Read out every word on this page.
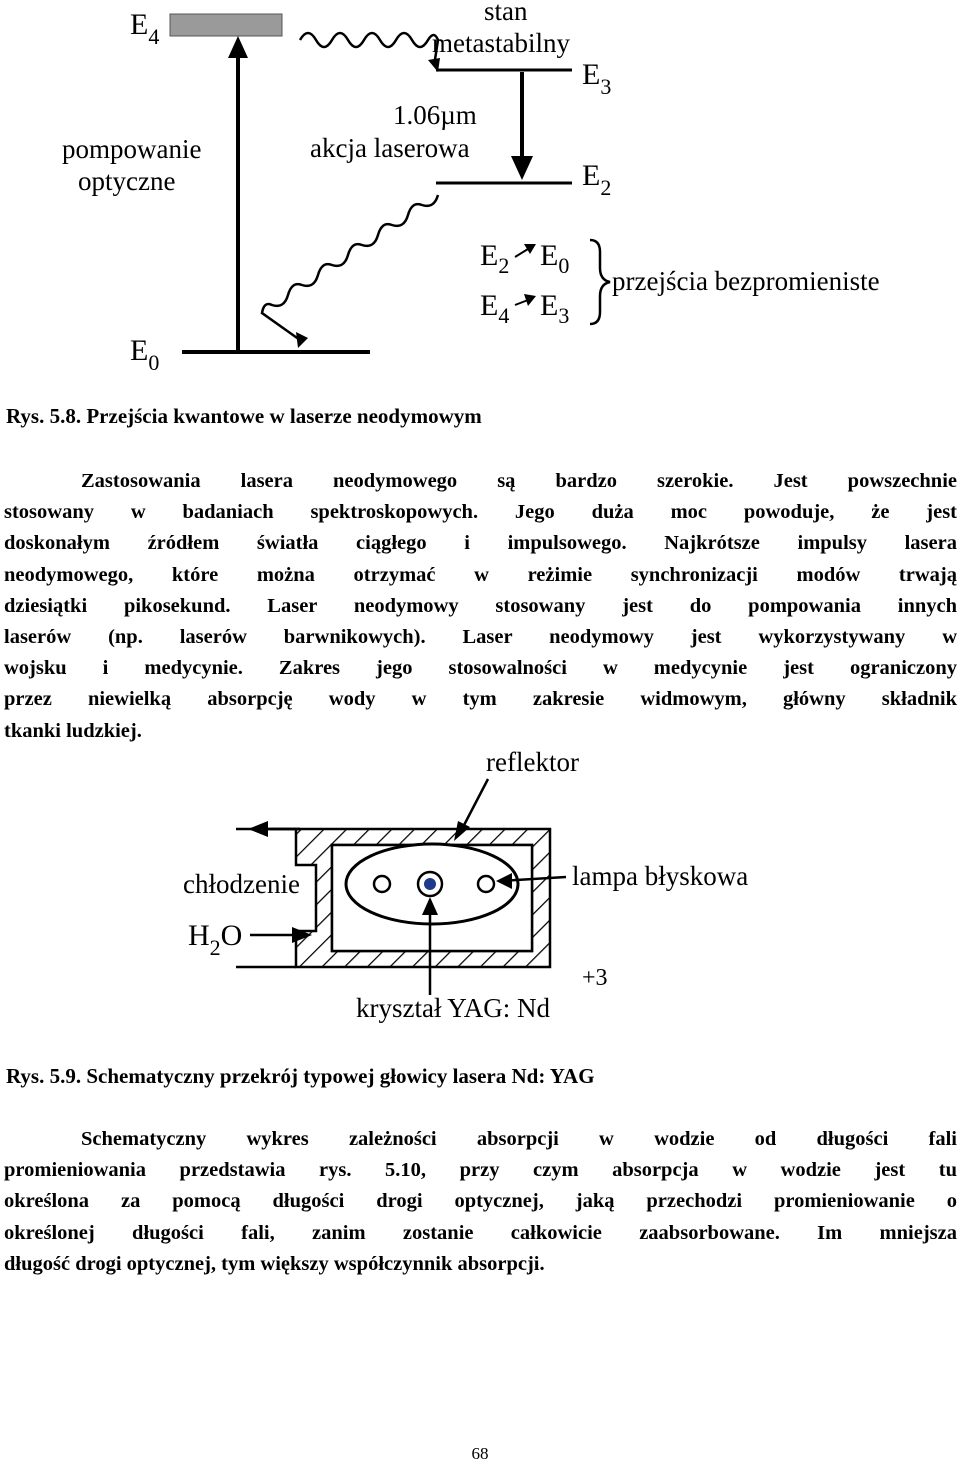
$E_4$
$E_0$
$E_3$
$E_2$
stan
metastabilny
pompowanie
optyczne
1.06µm
akcja laserowa
$E_2$ $E_0$
$E_4$ $E_3$
przejścia bezpromieniste
Rys. 5.8. Przejścia kwantowe w laserze neodymowym
Zastosowania lasera neodymowego są bardzo szerokie. Jest powszechnie
stosowany w badaniach spektroskopowych. Jego duża moc powoduje, że jest
doskonałym źródłem światła ciągłego i impulsowego. Najkrótsze impulsy lasera
neodymowego, które można otrzymać w reżimie synchronizacji modów trwają
dziesiątki pikosekund. Laser neodymowy stosowany jest do pompowania innych
laserów (np. laserów barwnikowych). Laser neodymowy jest wykorzystywany w
wojsku i medycynie. Zakres jego stosowalności w medycynie jest ograniczony
przez niewielką absorpcję wody w tym zakresie widmowym, główny składnik
tkanki ludzkiej.
reflektor
chłodzenie
$H_2O$
lampa błyskowa
kryształ YAG: Nd
+3
Rys. 5.9. Schematyczny przekrój typowej głowicy lasera Nd: YAG
Schematyczny wykres zależności absorpcji w wodzie od długości fali
promieniowania przedstawia rys. 5.10, przy czym absorpcja w wodzie jest tu
określona za pomocą długości drogi optycznej, jaką przechodzi promieniowanie o
określonej długości fali, zanim zostanie całkowicie zaabsorbowane. Im mniejsza
długość drogi optycznej, tym większy współczynnik absorpcji.
68
